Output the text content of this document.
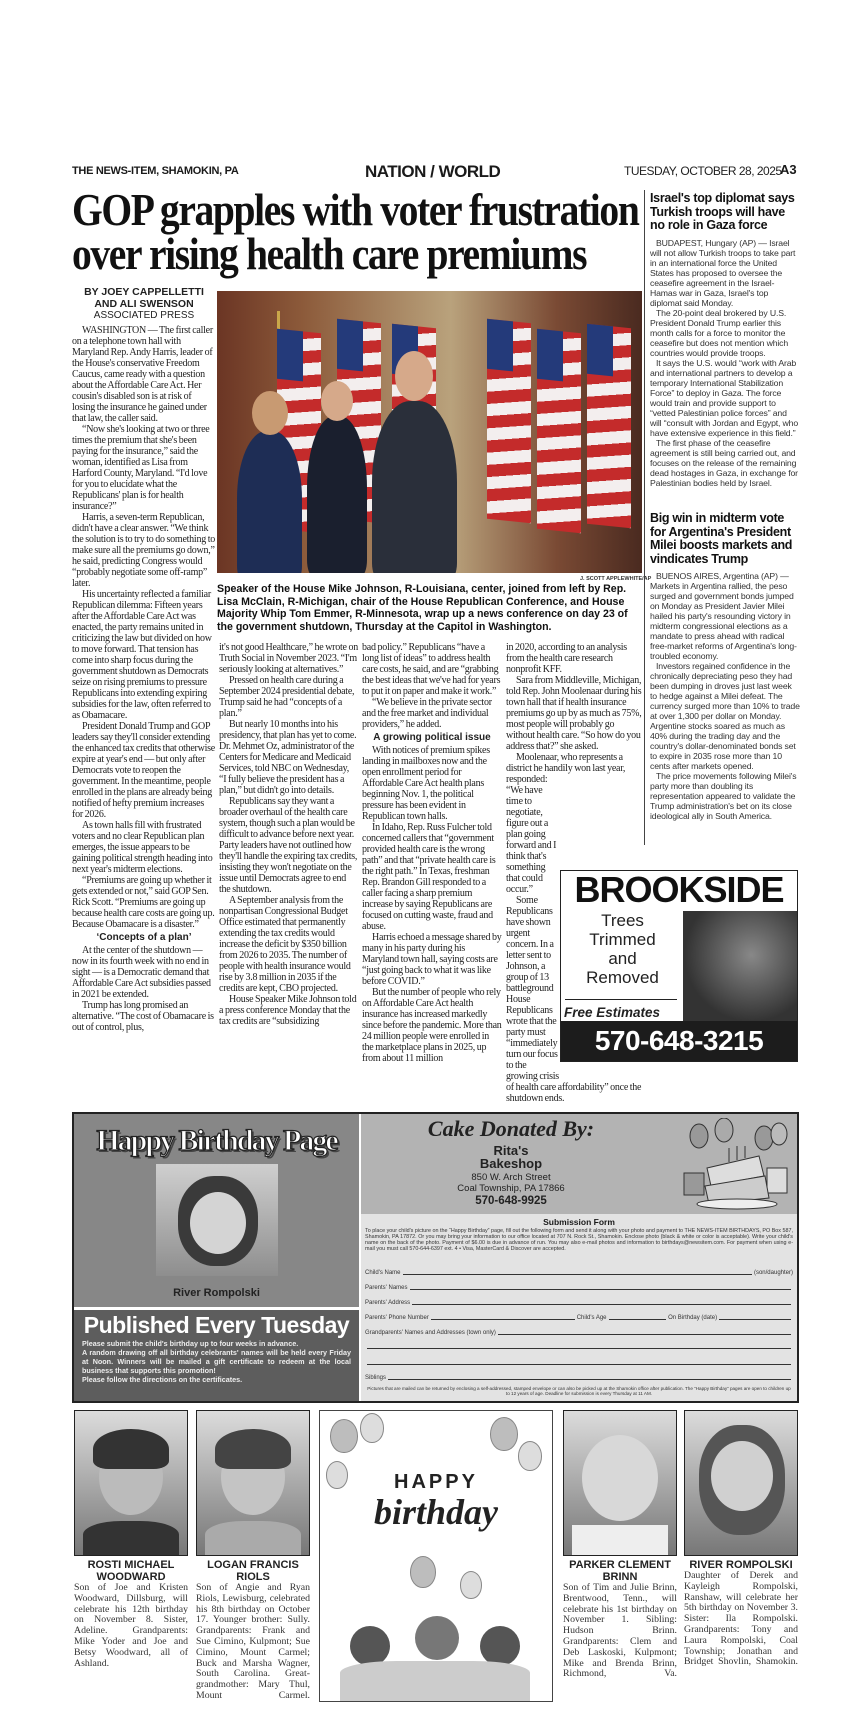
THE NEWS-ITEM, SHAMOKIN, PA	NATION / WORLD	TUESDAY, OCTOBER 28, 2025
A3
GOP grapples with voter frustration
over rising health care premiums
BY JOEY CAPPELLETTI
AND ALI SWENSON
ASSOCIATED PRESS

WASHINGTON — The first caller on a telephone town hall with Maryland Rep. Andy Harris, leader of the House's conservative Freedom Caucus, came ready with a question about the Affordable Care Act. Her cousin's disabled son is at risk of losing the insurance he gained under that law, the caller said.

“Now she's looking at two or three times the premium that she's been paying for the insurance,” said the woman, identified as Lisa from Harford County, Maryland. “I'd love for you to elucidate what the Republicans' plan is for health insurance?”

Harris, a seven-term Republican, didn't have a clear answer. “We think the solution is to try to do something to make sure all the premiums go down,” he said, predicting Congress would “probably negotiate some off-ramp” later.

His uncertainty reflected a familiar Republican dilemma: Fifteen years after the Affordable Care Act was enacted, the party remains united in criticizing the law but divided on how to move forward. That tension has come into sharp focus during the government shutdown as Democrats seize on rising premiums to pressure Republicans into extending expiring subsidies for the law, often referred to as Obamacare.

President Donald Trump and GOP leaders say they'll consider extending the enhanced tax credits that otherwise expire at year's end — but only after Democrats vote to reopen the government. In the meantime, people enrolled in the plans are already being notified of hefty premium increases for 2026.

As town halls fill with frustrated voters and no clear Republican plan emerges, the issue appears to be gaining political strength heading into next year's midterm elections.

“Premiums are going up whether it gets extended or not,” said GOP Sen. Rick Scott. “Premiums are going up because health care costs are going up. Because Obamacare is a disaster.”

‘Concepts of a plan’

At the center of the shutdown — now in its fourth week with no end in sight — is a Democratic demand that Affordable Care Act subsidies passed in 2021 be extended.

Trump has long promised an alternative. “The cost of Obamacare is out of control, plus,

J. SCOTT APPLEWHITE/AP
Speaker of the House Mike Johnson, R-Louisiana, center, joined from left by Rep. Lisa McClain, R-Michigan, chair of the House Republican Conference, and House Majority Whip Tom Emmer, R-Minnesota, wrap up a news conference on day 23 of the government shutdown, Thursday at the Capitol in Washington.

it's not good Healthcare,” he wrote on Truth Social in November 2023. “I'm seriously looking at alternatives.”

Pressed on health care during a September 2024 presidential debate, Trump said he had “concepts of a plan.”

But nearly 10 months into his presidency, that plan has yet to come. Dr. Mehmet Oz, administrator of the Centers for Medicare and Medicaid Services, told NBC on Wednesday, “I fully believe the president has a plan,” but didn't go into details.

Republicans say they want a broader overhaul of the health care system, though such a plan would be difficult to advance before next year. Party leaders have not outlined how they'll handle the expiring tax credits, insisting they won't negotiate on the issue until Democrats agree to end the shutdown.

A September analysis from the nonpartisan Congressional Budget Office estimated that permanently extending the tax credits would increase the deficit by $350 billion from 2026 to 2035. The number of people with health insurance would rise by 3.8 million in 2035 if the credits are kept, CBO projected.

House Speaker Mike Johnson told a press conference Monday that the tax credits are “subsidizing

bad policy.” Republicans “have a long list of ideas” to address health care costs, he said, and are “grabbing the best ideas that we've had for years to put it on paper and make it work.”

“We believe in the private sector and the free market and individual providers,” he added.

A growing political issue

With notices of premium spikes landing in mailboxes now and the open enrollment period for Affordable Care Act health plans beginning Nov. 1, the political pressure has been evident in Republican town halls.

In Idaho, Rep. Russ Fulcher told concerned callers that “government provided health care is the wrong path” and that “private health care is the right path.” In Texas, freshman Rep. Brandon Gill responded to a caller facing a sharp premium increase by saying Republicans are focused on cutting waste, fraud and abuse.

Harris echoed a message shared by many in his party during his Maryland town hall, saying costs are “just going back to what it was like before COVID.”

But the number of people who rely on Affordable Care Act health insurance has increased markedly since before the pandemic. More than 24 million people were enrolled in the marketplace plans in 2025, up from about 11 million

in 2020, according to an analysis from the health care research nonprofit KFF.

Sara from Middleville, Michigan, told Rep. John Moolenaar during his town hall that if health insurance premiums go up by as much as 75%, most people will probably go without health care. “So how do you address that?” she asked.

Moolenaar, who represents a district he handily won last year, responded: “We have time to negotiate, figure out a plan going forward and I think that's something that could occur.”

Some Republicans have shown urgent concern. In a letter sent to Johnson, a group of 13 battleground House Republicans wrote that the party must “immediately turn our focus to the growing crisis of health care affordability” once the shutdown ends.

Israel's top diplomat says Turkish troops will have no role in Gaza force

BUDAPEST, Hungary (AP) — Israel will not allow Turkish troops to take part in an international force the United States has proposed to oversee the ceasefire agreement in the Israel-Hamas war in Gaza, Israel's top diplomat said Monday.

The 20-point deal brokered by U.S. President Donald Trump earlier this month calls for a force to monitor the ceasefire but does not mention which countries would provide troops.

It says the U.S. would “work with Arab and international partners to develop a temporary International Stabilization Force” to deploy in Gaza. The force would train and provide support to “vetted Palestinian police forces” and will “consult with Jordan and Egypt, who have extensive experience in this field.”

The first phase of the ceasefire agreement is still being carried out, and focuses on the release of the remaining dead hostages in Gaza, in exchange for Palestinian bodies held by Israel.

Big win in midterm vote for Argentina's President Milei boosts markets and vindicates Trump

BUENOS AIRES, Argentina (AP) — Markets in Argentina rallied, the peso surged and government bonds jumped on Monday as President Javier Milei hailed his party's resounding victory in midterm congressional elections as a mandate to press ahead with radical free-market reforms of Argentina's long-troubled economy.

Investors regained confidence in the chronically depreciating peso they had been dumping in droves just last week to hedge against a Milei defeat. The currency surged more than 10% to trade at over 1,300 per dollar on Monday. Argentine stocks soared as much as 40% during the trading day and the country's dollar-denominated bonds set to expire in 2035 rose more than 10 cents after markets opened.

The price movements following Milei's party more than doubling its representation appeared to validate the Trump administration's bet on its close ideological ally in South America.

BROOKSIDE
Trees
Trimmed
and
Removed
Free Estimates
570-648-3215
Happy Birthday Page
River Rompolski
Published Every Tuesday
Please submit the child's birthday up to four weeks in advance.
A random drawing off all birthday celebrants' names will be held every Friday at Noon. Winners will be mailed a gift certificate to redeem at the local business that supports this promotion!
Please follow the directions on the certificates.
Cake Donated By:
Rita's
Bakeshop
850 W. Arch Street
Coal Township, PA 17866
570-648-9925
Submission Form
To place your child's picture on the “Happy Birthday” page, fill out the following form and send it along with your photo and payment to THE NEWS-ITEM BIRTHDAYS, PO Box 587, Shamokin, PA 17872. Or you may bring your information to our office located at 707 N. Rock St., Shamokin. Enclose photo (black & white or color is acceptable). Write your child's name on the back of the photo. Payment of $6.00 is due in advance of run. You may also e-mail photos and information to birthdays@newsitem.com. For payment when using e-mail you must call 570-644-6397 ext. 4 • Visa, MasterCard & Discover are accepted.
Child's Name	(son/daughter)
Parents' Names
Parents' Address
Parents' Phone Number	Child's Age	On Birthday (date)
Grandparents' Names and Addresses (town only)
Siblings
Pictures that are mailed can be returned by enclosing a self-addressed, stamped envelope or can also be picked up at the Shamokin office after publication. The “Happy Birthday” pages are open to children up to 12 years of age. Deadline for submission is every Thursday at 11 AM.
ROSTI MICHAEL WOODWARD
Son of Joe and Kristen Woodward, Dillsburg, will celebrate his 12th birthday on November 8. Sister, Adeline. Grandparents: Mike Yoder and Joe and Betsy Woodward, all of Ashland.
LOGAN FRANCIS RIOLS
Son of Angie and Ryan Riols, Lewisburg, celebrated his 8th birthday on October 17. Younger brother: Sully. Grandparents: Frank and Sue Cimino, Kulpmont; Sue Cimino, Mount Carmel; Buck and Marsha Wagner, South Carolina. Great-grandmother: Mary Thul, Mount Carmel.
HAPPY
birthday
PARKER CLEMENT BRINN
Son of Tim and Julie Brinn, Brentwood, Tenn., will celebrate his 1st birthday on November 1. Sibling: Hudson Brinn. Grandparents: Clem and Deb Laskoski, Kulpmont; Mike and Brenda Brinn, Richmond, Va.
RIVER ROMPOLSKI
Daughter of Derek and Kayleigh Rompolski, Ranshaw, will celebrate her 5th birthday on November 3. Sister: Ila Rompolski. Grandparents: Tony and Laura Rompolski, Coal Township; Jonathan and Bridget Shovlin, Shamokin.
